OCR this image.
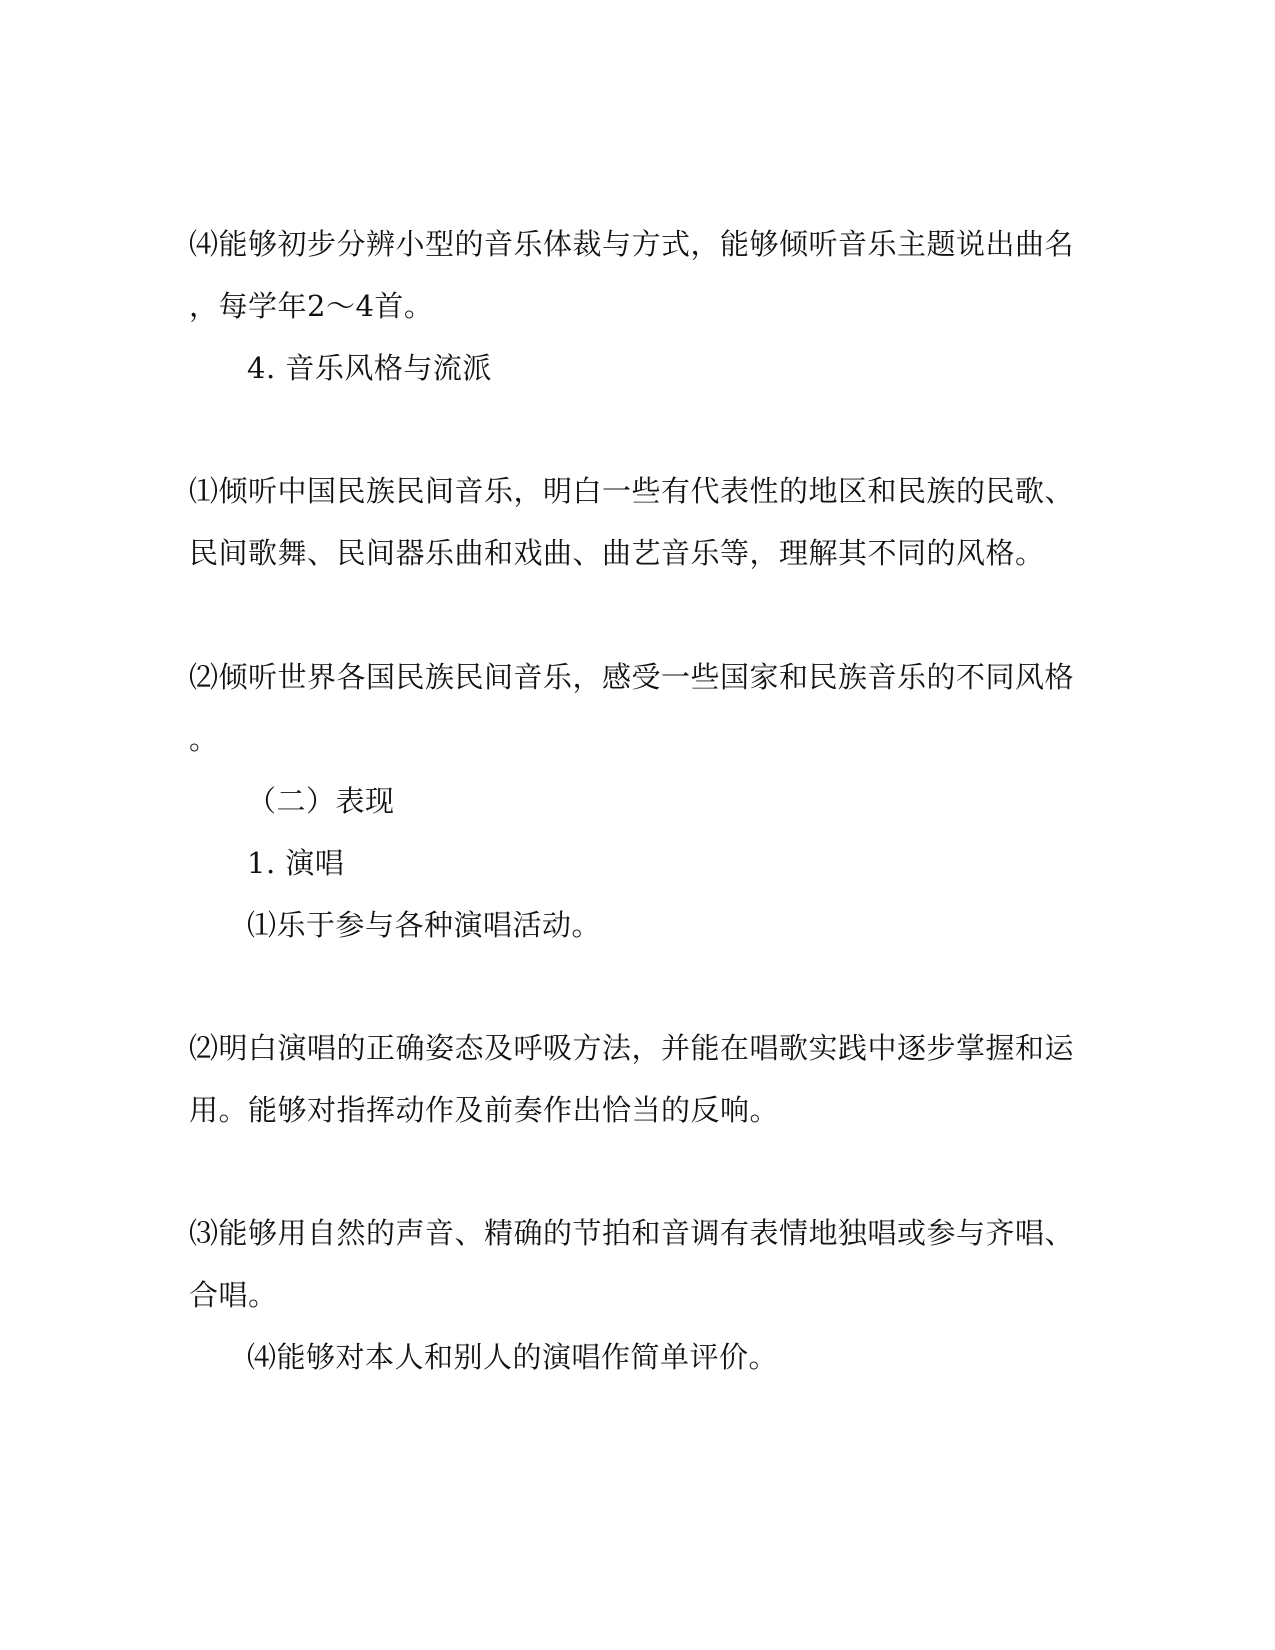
⑷能够初步分辨小型的音乐体裁与方式，能够倾听音乐主题说出曲名
，每学年2～4首。
4. 音乐风格与流派
⑴倾听中国民族民间音乐，明白一些有代表性的地区和民族的民歌、
民间歌舞、民间器乐曲和戏曲、曲艺音乐等，理解其不同的风格。
⑵倾听世界各国民族民间音乐，感受一些国家和民族音乐的不同风格
。
（二）表现
1. 演唱
⑴乐于参与各种演唱活动。
⑵明白演唱的正确姿态及呼吸方法，并能在唱歌实践中逐步掌握和运
用。能够对指挥动作及前奏作出恰当的反响。
⑶能够用自然的声音、精确的节拍和音调有表情地独唱或参与齐唱、
合唱。
⑷能够对本人和别人的演唱作简单评价。
